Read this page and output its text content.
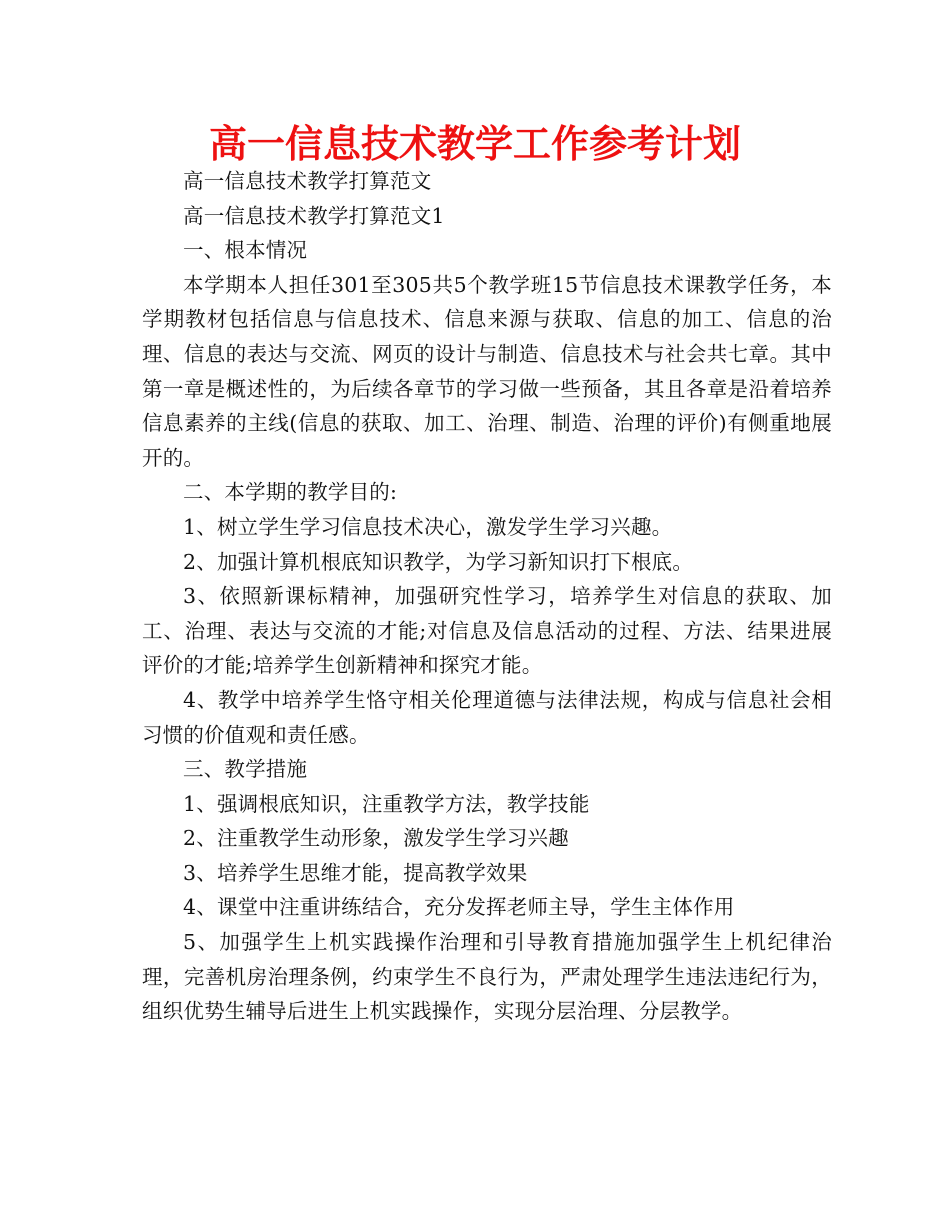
高一信息技术教学工作参考计划

高一信息技术教学打算范文

高一信息技术教学打算范文1

一、根本情况

本学期本人担任301至305共5个教学班15节信息技术课教学任务，本学期教材包括信息与信息技术、信息来源与获取、信息的加工、信息的治理、信息的表达与交流、网页的设计与制造、信息技术与社会共七章。其中第一章是概述性的，为后续各章节的学习做一些预备，其且各章是沿着培养信息素养的主线(信息的获取、加工、治理、制造、治理的评价)有侧重地展开的。

二、本学期的教学目的:

1、树立学生学习信息技术决心，激发学生学习兴趣。

2、加强计算机根底知识教学，为学习新知识打下根底。

3、依照新课标精神，加强研究性学习，培养学生对信息的获取、加工、治理、表达与交流的才能;对信息及信息活动的过程、方法、结果进展评价的才能;培养学生创新精神和探究才能。

4、教学中培养学生恪守相关伦理道德与法律法规，构成与信息社会相习惯的价值观和责任感。

三、教学措施

1、强调根底知识，注重教学方法，教学技能

2、注重教学生动形象，激发学生学习兴趣

3、培养学生思维才能，提高教学效果

4、课堂中注重讲练结合，充分发挥老师主导，学生主体作用

5、加强学生上机实践操作治理和引导教育措施加强学生上机纪律治理，完善机房治理条例，约束学生不良行为，严肃处理学生违法违纪行为，组织优势生辅导后进生上机实践操作，实现分层治理、分层教学。
